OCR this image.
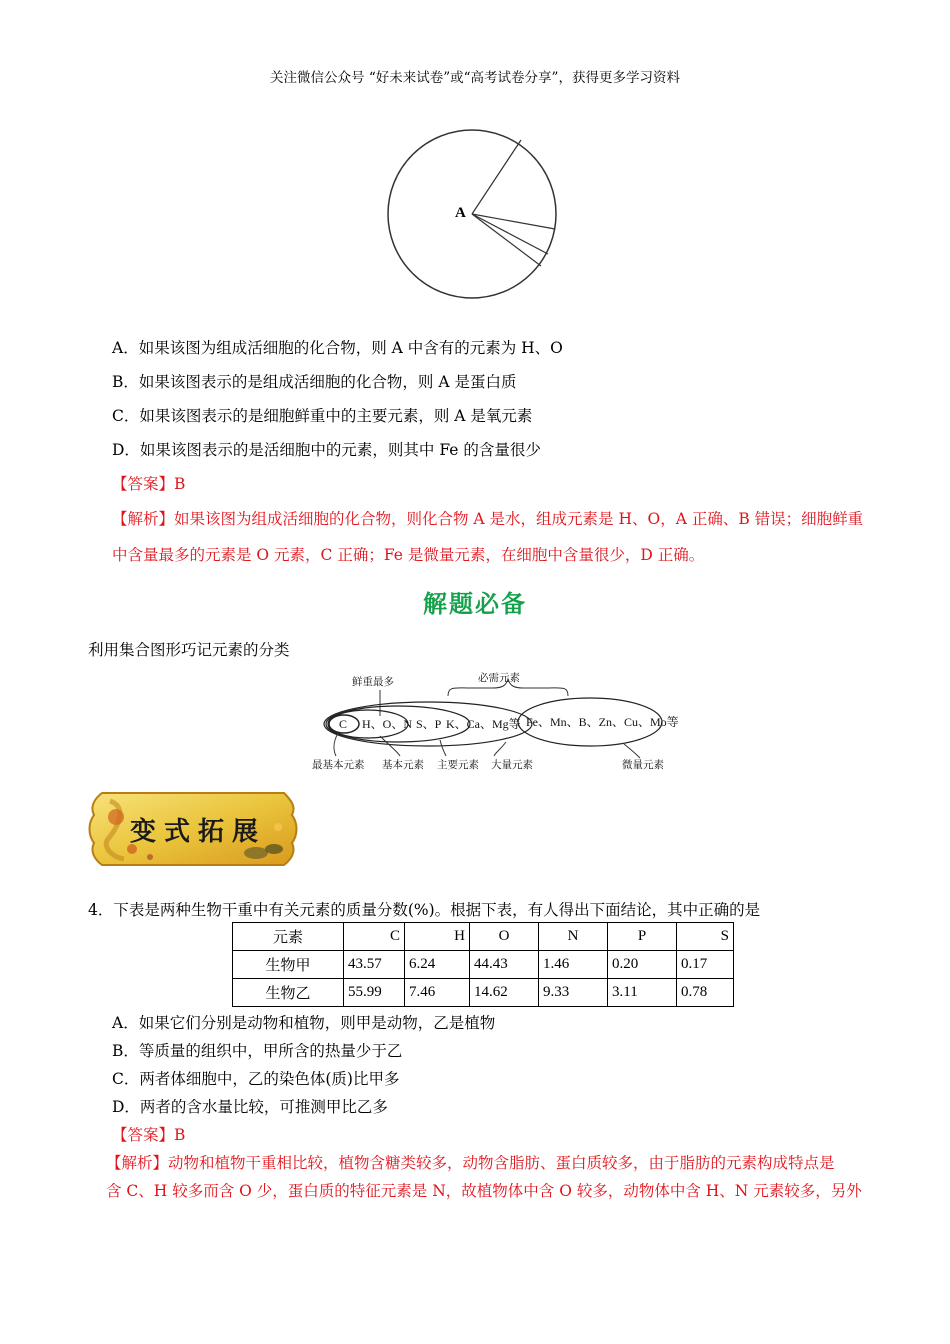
关注微信公众号 “好未来试卷”或“高考试卷分享”，获得更多学习资料
A
A．如果该图为组成活细胞的化合物，则 A 中含有的元素为 H、O
B．如果该图表示的是组成活细胞的化合物，则 A 是蛋白质
C．如果该图表示的是细胞鲜重中的主要元素，则 A 是氧元素
D．如果该图表示的是活细胞中的元素，则其中 Fe 的含量很少
【答案】B
【解析】如果该图为组成活细胞的化合物，则化合物 A 是水，组成元素是 H、O，A 正确、B 错误；细胞鲜重
中含量最多的元素是 O 元素，C 正确；Fe 是微量元素，在细胞中含量很少，D 正确。
解题必备
利用集合图形巧记元素的分类
鲜重最多	必需元素
C H、O、N S、P K、Ca、Mg等 Fe、Mn、B、Zn、Cu、Mo等
最基本元素 基本元素 主要元素 大量元素	微量元素
变式拓展
4．下表是两种生物干重中有关元素的质量分数(%)。根据下表，有人得出下面结论，其中正确的是
元素	C	H	O	N	P	S
生物甲	43.57	6.24	44.43	1.46	0.20	0.17
生物乙	55.99	7.46	14.62	9.33	3.11	0.78
A．如果它们分别是动物和植物，则甲是动物，乙是植物
B．等质量的组织中，甲所含的热量少于乙
C．两者体细胞中，乙的染色体(质)比甲多
D．两者的含水量比较，可推测甲比乙多
【答案】B
【解析】动物和植物干重相比较，植物含糖类较多，动物含脂肪、蛋白质较多，由于脂肪的元素构成特点是
含 C、H 较多而含 O 少，蛋白质的特征元素是 N，故植物体中含 O 较多，动物体中含 H、N 元素较多，另外
